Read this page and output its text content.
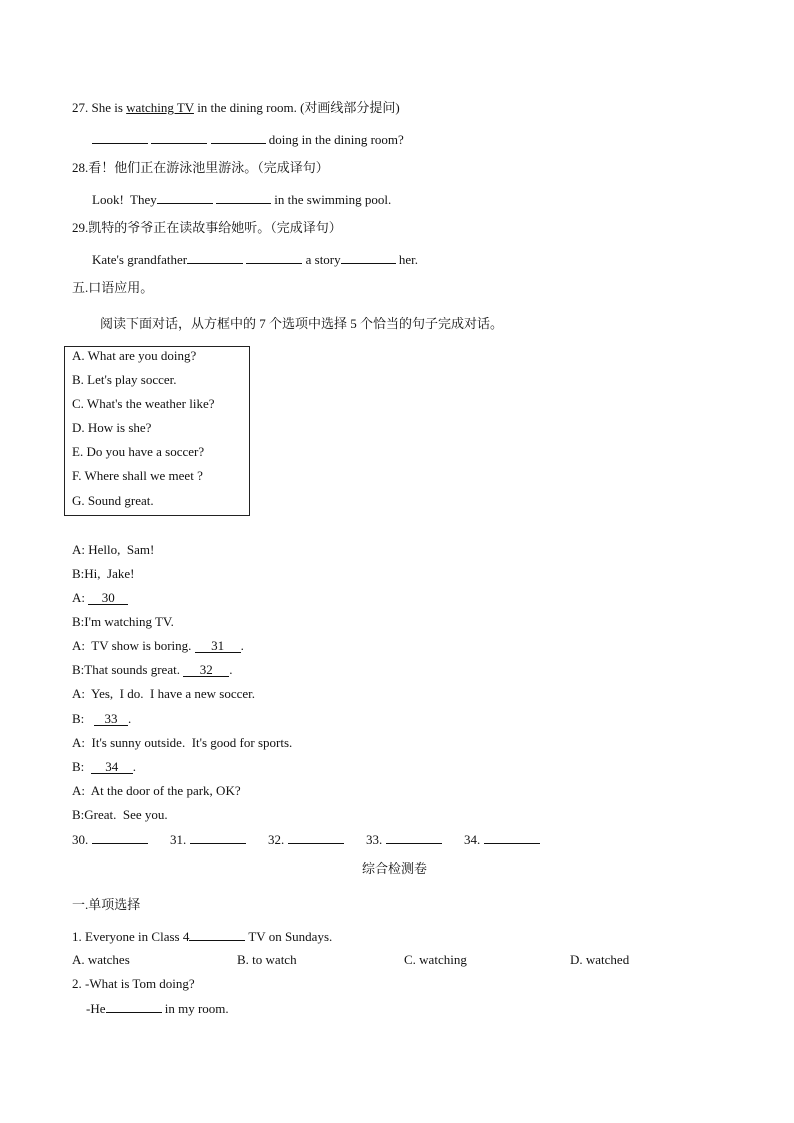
27. She is watching TV in the dining room. (对画线部分提问)
doing in the dining room?
28.看！他们正在游泳池里游泳。（完成译句）
Look!  They	in the swimming pool.
29.凯特的爷爷正在读故事给她听。（完成译句）
Kate's grandfather	a story	her.
五.口语应用。
阅读下面对话，从方框中的 7 个选项中选择 5 个恰当的句子完成对话。
A. What are you doing?
B. Let's play soccer.
C. What's the weather like?
D. How is she?
E. Do you have a soccer?
F. Where shall we meet ?
G. Sound great.
A: Hello,  Sam!
B:Hi,  Jake!
A: 30
B:I'm watching TV.
A:  TV show is boring. 31 .
B:That sounds great. 32 .
A:  Yes,  I do.  I have a new soccer.
B:   33 .
A:  It's sunny outside.  It's good for sports.
B:  34 .
A:  At the door of the park, OK?
B:Great.  See you.
30.	31.	32.	33.	34.
综合检测卷
一.单项选择
1. Everyone in Class 4	TV on Sundays.
A. watches	B. to watch	C. watching	D. watched
2. -What is Tom doing?
-He	in my room.
